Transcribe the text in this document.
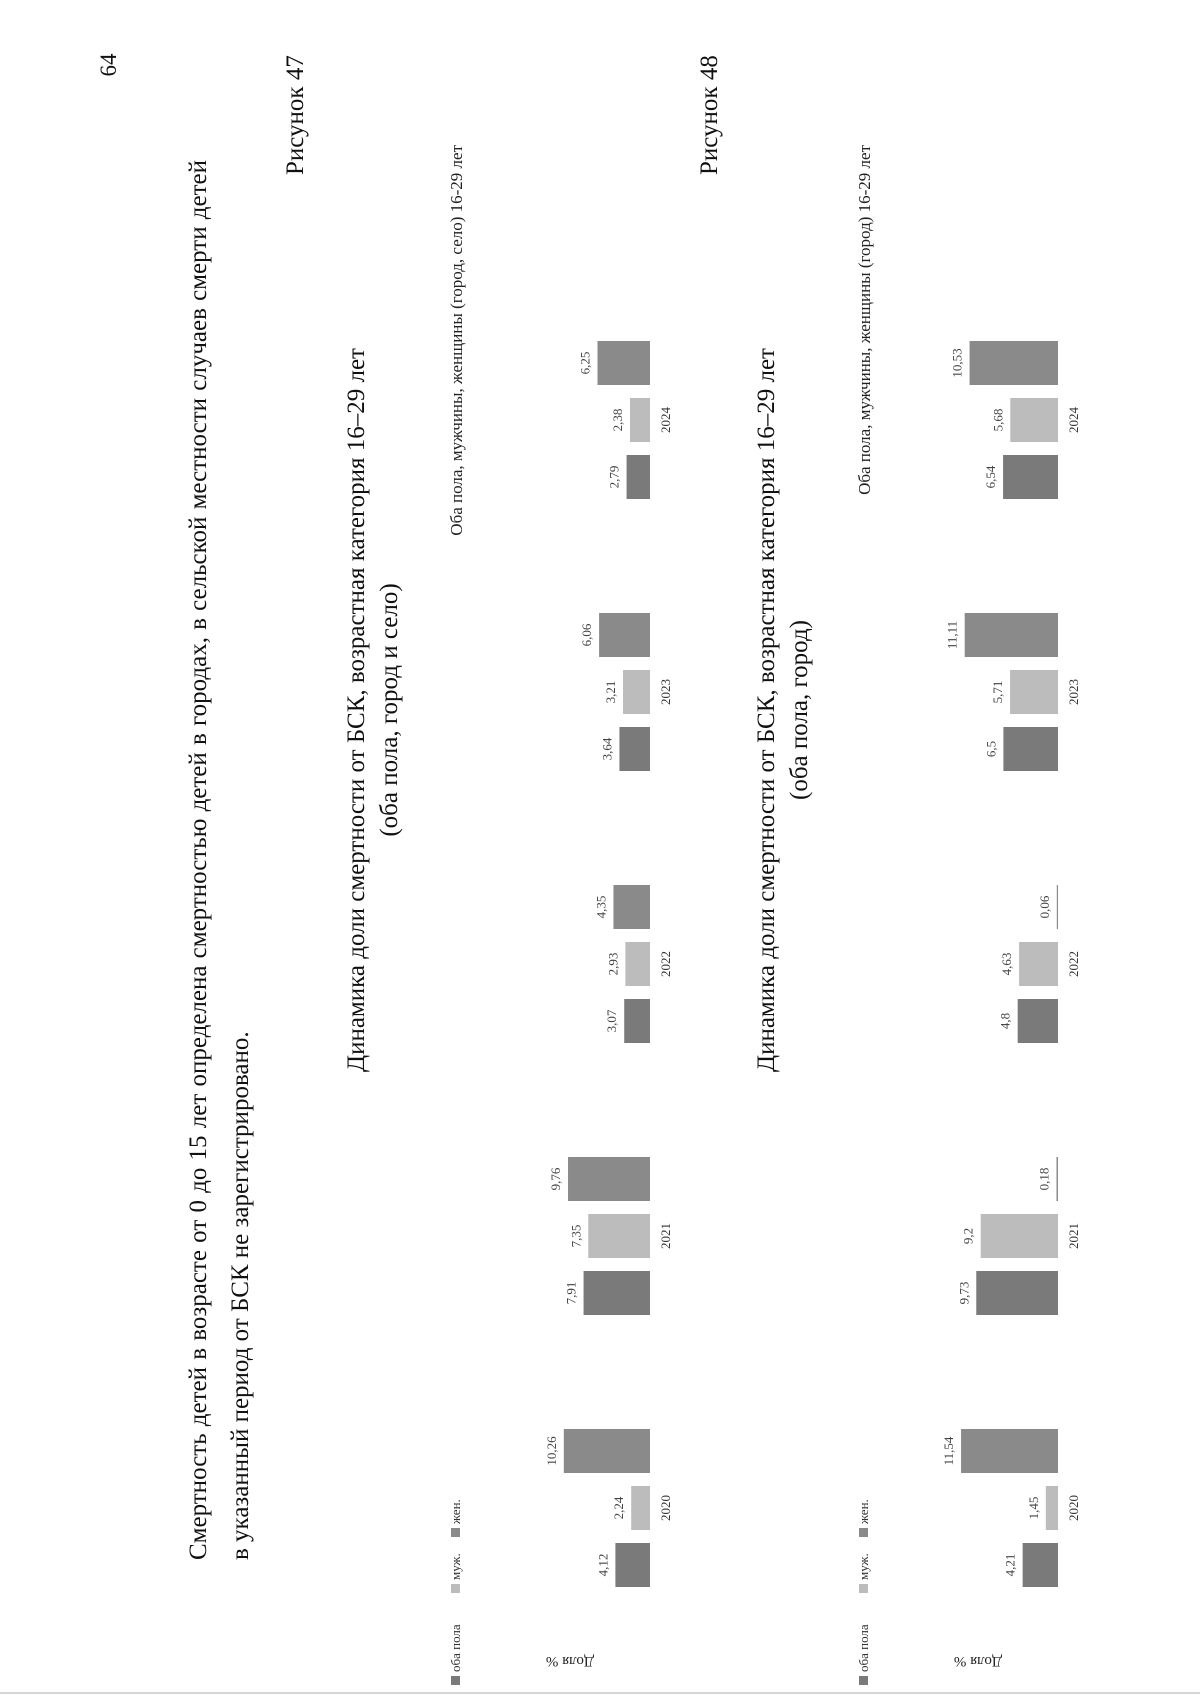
64
Смертность детей в возрасте от 0 до 15 лет определена смертностью детей в городах, в сельской местности случаев смерти детей в указанный период от БСК не зарегистрировано.
Рисунок 47
Динамика доли смертности от БСК, возрастная категория 16–29 лет (оба пола, город и село)
Доля %
оба пола
муж.
жен.
Оба пола, мужчины, женщины (город, село) 16-29 лет
4,12
2,24
10,26
2020
7,91
7,35
9,76
2021
3,07
2,93
4,35
2022
3,64
3,21
6,06
2023
2,79
2,38
6,25
2024
Рисунок 48
Динамика доли смертности от БСК, возрастная категория 16–29 лет (оба пола, город)
Доля %
оба пола
муж.
жен.
Оба пола, мужчины, женщины (город) 16-29 лет
4,21
1,45
11,54
2020
9,73
9,2
0,18
2021
4,8
4,63
0,06
2022
6,5
5,71
11,11
2023
6,54
5,68
10,53
2024
